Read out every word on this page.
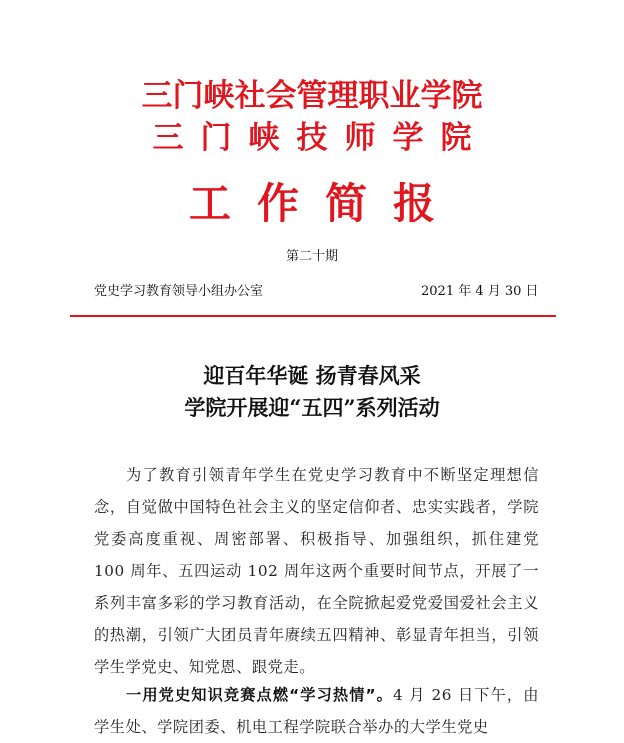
三门峡社会管理职业学院
三门峡技师学院
工作简报
第二十期
党史学习教育领导小组办公室	2021 年 4 月 30 日
迎百年华诞 扬青春风采
学院开展迎“五四”系列活动
为了教育引领青年学生在党史学习教育中不断坚定理想信念，自觉做中国特色社会主义的坚定信仰者、忠实实践者，学院党委高度重视、周密部署、积极指导、加强组织，抓住建党 100 周年、五四运动 102 周年这两个重要时间节点，开展了一系列丰富多彩的学习教育活动，在全院掀起爱党爱国爱社会主义的热潮，引领广大团员青年赓续五四精神、彰显青年担当，引领学生学党史、知党恩、跟党走。
一用党史知识竞赛点燃“学习热情”。4 月 26 日下午，由学生处、学院团委、机电工程学院联合举办的大学生党史
